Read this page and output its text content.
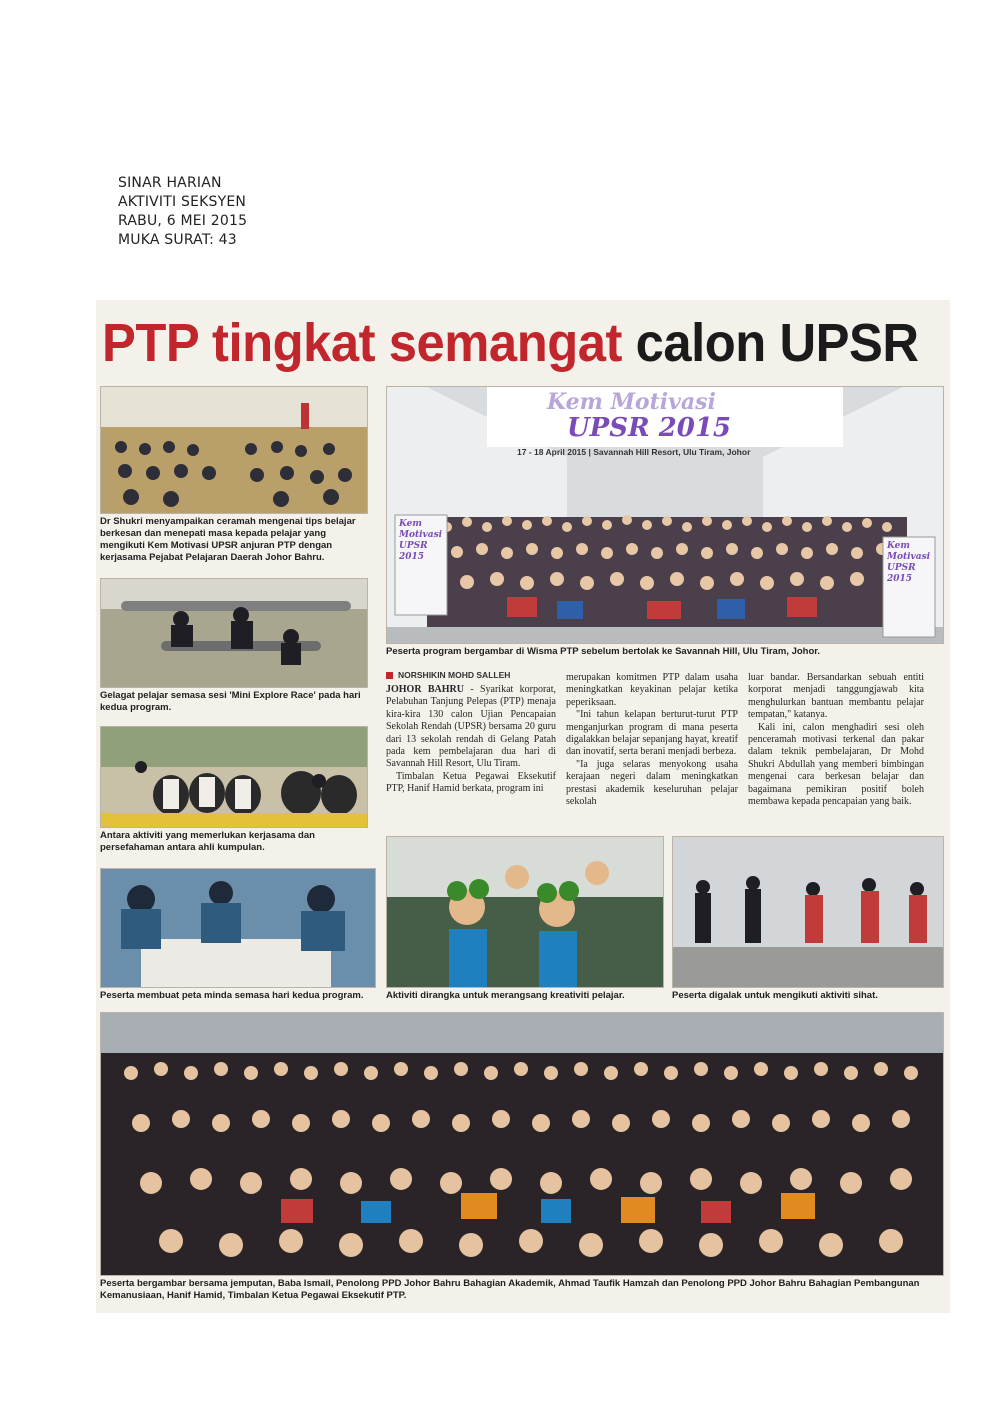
SINAR HARIAN
AKTIVITI SEKSYEN
RABU, 6 MEI 2015
MUKA SURAT: 43
PTP tingkat semangat calon UPSR
Dr Shukri menyampaikan ceramah mengenai tips belajar berkesan dan menepati masa kepada pelajar yang mengikuti Kem Motivasi UPSR anjuran PTP dengan kerjasama Pejabat Pelajaran Daerah Johor Bahru.
Gelagat pelajar semasa sesi 'Mini Explore Race' pada hari kedua program.
Antara aktiviti yang memerlukan kerjasama dan persefahaman antara ahli kumpulan.
Peserta membuat peta minda semasa hari kedua program.
Kem Motivasi
UPSR 2015
17 - 18 April 2015 | Savannah Hill Resort, Ulu Tiram, Johor
Kem
Motivasi
UPSR
2015
Kem
Motivasi
UPSR
2015
Peserta program bergambar di Wisma PTP sebelum bertolak ke Savannah Hill, Ulu Tiram, Johor.
NORSHIKIN MOHD SALLEH

JOHOR BAHRU - Syarikat korporat, Pelabuhan Tanjung Pelepas (PTP) menaja kira-kira 130 calon Ujian Pencapaian Sekolah Rendah (UPSR) bersama 20 guru dari 13 sekolah rendah di Gelang Patah pada kem pembelajaran dua hari di Savannah Hill Resort, Ulu Tiram.

Timbalan Ketua Pegawai Eksekutif PTP, Hanif Hamid berkata, program ini

merupakan komitmen PTP dalam usaha meningkatkan keyakinan pelajar ketika peperiksaan.

"Ini tahun kelapan berturut-turut PTP menganjurkan program di mana peserta digalakkan belajar sepanjang hayat, kreatif dan inovatif, serta berani menjadi berbeza.

"Ia juga selaras menyokong usaha kerajaan negeri dalam meningkatkan prestasi akademik keseluruhan pelajar sekolah

luar bandar. Bersandarkan sebuah entiti korporat menjadi tanggungjawab kita menghulurkan bantuan membantu pelajar tempatan," katanya.

Kali ini, calon menghadiri sesi oleh penceramah motivasi terkenal dan pakar dalam teknik pembelajaran, Dr Mohd Shukri Abdullah yang memberi bimbingan mengenai cara berkesan belajar dan bagaimana pemikiran positif boleh membawa kepada pencapaian yang baik.

Aktiviti dirangka untuk merangsang kreativiti pelajar.	Peserta digalak untuk mengikuti aktiviti sihat.
Peserta bergambar bersama jemputan, Baba Ismail, Penolong PPD Johor Bahru Bahagian Akademik, Ahmad Taufik Hamzah dan Penolong PPD Johor Bahru Bahagian Pembangunan Kemanusiaan, Hanif Hamid, Timbalan Ketua Pegawai Eksekutif PTP.
